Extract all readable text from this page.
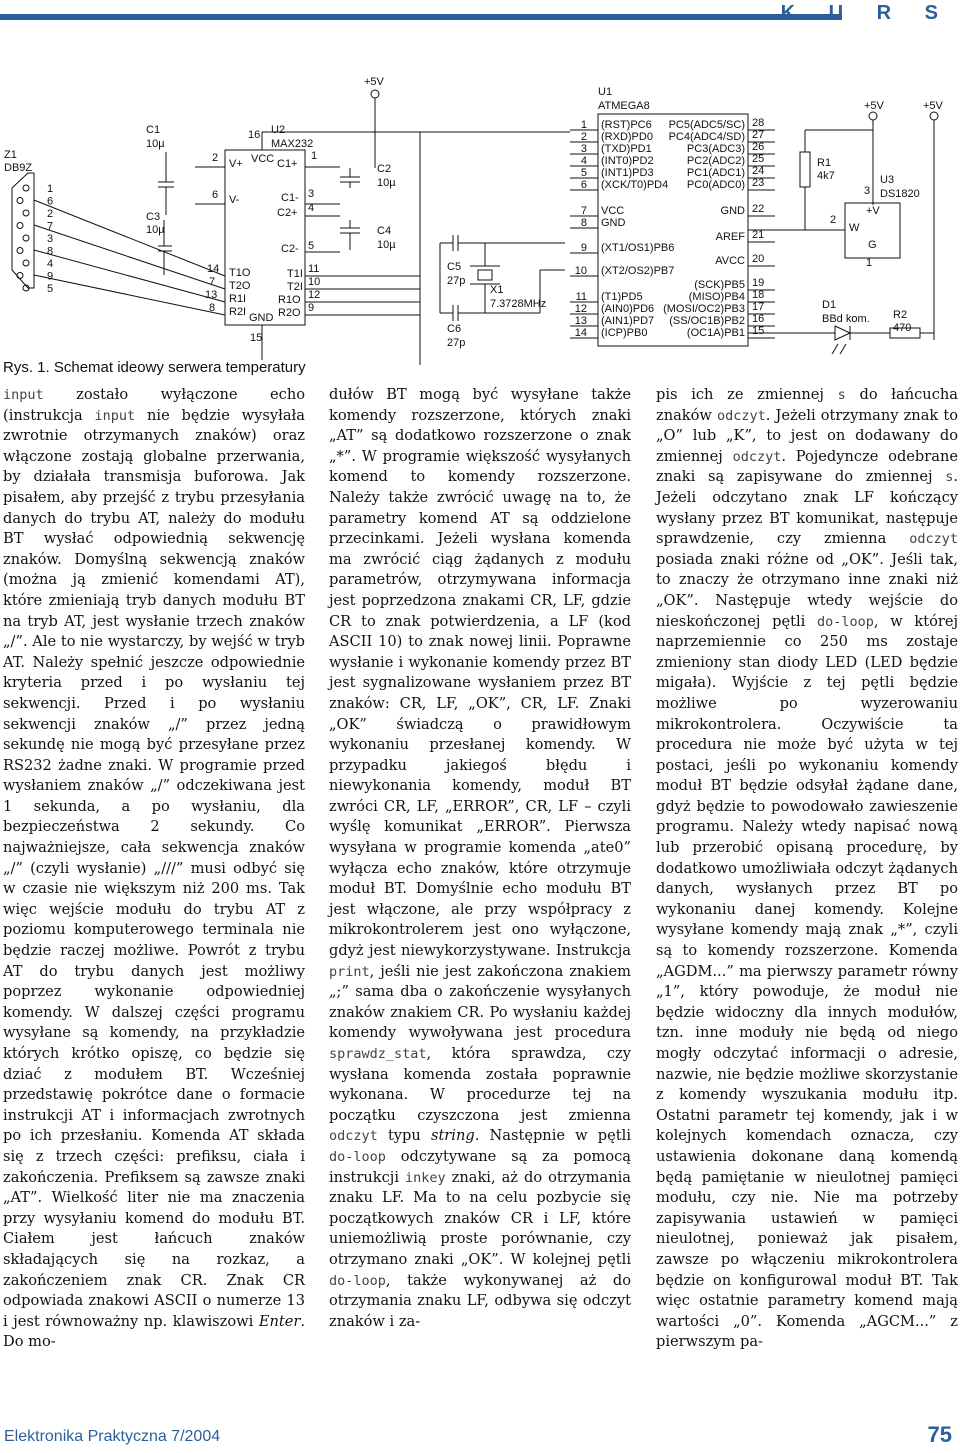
K U R S
Z1
DB9Z
1
6
2
7
3
8
4
9
5
C1
10µ
C3
10µ
U2
MAX232
16
VCC
V+	C1+
V-	C1-
C2+
C2-
T1O
T2O
R1I
R2I GND
T1I
T2I
R1O
R2O
2
6
14
7
13
8
1
3
4
5
11
10
12
9
15
+5V
C2
10µ
C4
10µ
C5
27p
C6
27p
X1
7.3728MHz
U1
ATMEGA8
1 (RST)PC6
2 (RXD)PD0
3 (TXD)PD1
4 (INT0)PD2
5 (INT1)PD3
6 (XCK/T0)PD4
7 VCC
8 GND
9 (XT1/OS1)PB6
10 (XT2/OS2)PB7
11 (T1)PD5
12 (AIN0)PD6
13 (AIN1)PD7
14 (ICP)PB0
28
PC5(ADC5/SC)
27
PC4(ADC4/SD)
26
PC3(ADC3)
25
PC2(ADC2)
24
PC1(ADC1)
23
PC0(ADC0)
22
GND
21
AREF
20
AVCC
19
(SCK)PB5
18
(MISO)PB4
17
(MOSI/OC2)PB3
16
(SS/OC1B)PB2
15
(OC1A)PB1
+5V	+5V
R1
4k7	U3
DS1820
3
+V
W
G
2
1
D1
BBd kom. R2
470
Rys. 1. Schemat ideowy serwera temperatury

input zostało wyłączone echo (instrukcja input nie będzie wysyłała zwrotnie otrzymanych znaków) oraz włączone zostają globalne przerwania, by działała transmisja buforowa. Jak pisałem, aby przejść z trybu przesyłania danych do trybu AT, należy do modułu BT wysłać odpowiednią sekwencję znaków. Domyślną sekwencją znaków (można ją zmienić komendami AT), które zmieniają tryb danych modułu BT na tryb AT, jest wysłanie trzech znaków „/”. Ale to nie wystarczy, by wejść w tryb AT. Należy spełnić jeszcze odpowiednie kryteria przed i po wysłaniu tej sekwencji. Przed i po wysłaniu sekwencji znaków „/” przez jedną sekundę nie mogą być przesyłane przez RS232 żadne znaki. W programie przed wysłaniem znaków „/” odczekiwana jest 1 sekunda, a po wysłaniu, dla bezpieczeństwa 2 sekundy. Co najważniejsze, cała sekwencja znaków „/” (czyli wysłanie) „///” musi odbyć się w czasie nie większym niż 200 ms. Tak więc wejście modułu do trybu AT z poziomu komputerowego terminala nie będzie raczej możliwe. Powrót z trybu AT do trybu danych jest możliwy poprzez wykonanie odpowiedniej komendy. W dalszej części programu wysyłane są komendy, na przykładzie których krótko opiszę, co będzie się dziać z modułem BT. Wcześniej przedstawię pokrótce dane o formacie instrukcji AT i informacjach zwrotnych po ich przesłaniu. Komenda AT składa się z trzech części: prefiksu, ciała i zakończenia. Prefiksem są zawsze znaki „AT”. Wielkość liter nie ma znaczenia przy wysyłaniu komend do modułu BT. Ciałem jest łańcuch znaków składających się na rozkaz, a zakończeniem znak CR. Znak CR odpowiada znakowi ASCII o numerze 13 i jest równoważny np. klawiszowi Enter. Do mo-

dułów BT mogą być wysyłane także komendy rozszerzone, których znaki „AT” są dodatkowo rozszerzone o znak „*”. W programie większość wysyłanych komend to komendy rozszerzone. Należy także zwrócić uwagę na to, że parametry komend AT są oddzielone przecinkami. Jeżeli wysłana komenda ma zwrócić ciąg żądanych z modułu parametrów, otrzymywana informacja jest poprzedzona znakami CR, LF, gdzie CR to znak potwierdzenia, a LF (kod ASCII 10) to znak nowej linii. Poprawne wysłanie i wykonanie komendy przez BT jest sygnalizowane wysłaniem przez BT znaków: CR, LF, „OK”, CR, LF. Znaki „OK” świadczą o prawidłowym wykonaniu przesłanej komendy. W przypadku jakiegoś błędu i niewykonania komendy, moduł BT zwróci CR, LF, „ERROR”, CR, LF – czyli wyślę komunikat „ERROR”. Pierwsza wysyłana w programie komenda „ate0” wyłącza echo znaków, które otrzymuje moduł BT. Domyślnie echo modułu BT jest włączone, ale przy współpracy z mikrokontrolerem jest ono wyłączone, gdyż jest niewykorzystywane. Instrukcja print, jeśli nie jest zakończona znakiem „;” sama dba o zakończenie wysyłanych znaków znakiem CR. Po wysłaniu każdej komendy wywoływana jest procedura sprawdz_stat, która sprawdza, czy wysłana komenda została poprawnie wykonana. W procedurze tej na początku czyszczona jest zmienna odczyt typu string. Następnie w pętli do-loop odczytywane są za pomocą instrukcji inkey znaki, aż do otrzymania znaku LF. Ma to na celu pozbycie się początkowych znaków CR i LF, które uniemożliwią proste porównanie, czy otrzymano znaki „OK”. W kolejnej pętli do-loop, także wykonywanej aż do otrzymania znaku LF, odbywa się odczyt znaków i za-

pis ich ze zmiennej s do łańcucha znaków odczyt. Jeżeli otrzymany znak to „O” lub „K”, to jest on dodawany do zmiennej odczyt. Pojedyncze odebrane znaki są zapisywane do zmiennej s. Jeżeli odczytano znak LF kończący wysłany przez BT komunikat, następuje sprawdzenie, czy zmienna odczyt posiada znaki różne od „OK”. Jeśli tak, to znaczy że otrzymano inne znaki niż „OK”. Następuje wtedy wejście do nieskończonej pętli do-loop, w której naprzemiennie co 250 ms zostaje zmieniony stan diody LED (LED będzie migała). Wyjście z tej pętli będzie możliwe po wyzerowaniu mikrokontrolera. Oczywiście ta procedura nie może być użyta w tej postaci, jeśli po wykonaniu komendy moduł BT będzie odsyłał żądane dane, gdyż będzie to powodowało zawieszenie programu. Należy wtedy napisać nową lub przerobić opisaną procedurę, by dodatkowo umożliwiała odczyt żądanych danych, wysłanych przez BT po wykonaniu danej komendy. Kolejne wysyłane komendy mają znak „*”, czyli są to komendy rozszerzone. Komenda „AGDM...” ma pierwszy parametr równy „1”, który powoduje, że moduł nie będzie widoczny dla innych modułów, tzn. inne moduły nie będą od niego mogły odczytać informacji o adresie, nazwie, nie będzie możliwe skorzystanie z komendy wyszukania modułu itp. Ostatni parametr tej komendy, jak i w kolejnych komendach oznacza, czy ustawienia dokonane daną komendą będą pamiętanie w nieulotnej pamięci modułu, czy nie. Nie ma potrzeby zapisywania ustawień w pamięci nieulotnej, ponieważ jak pisałem, zawsze po włączeniu mikrokontrolera będzie on konfigurowal moduł BT. Tak więc ostatnie parametry komend mają wartości „0”. Komenda „AGCM...” z pierwszym pa-

Elektronika Praktyczna 7/2004	75
